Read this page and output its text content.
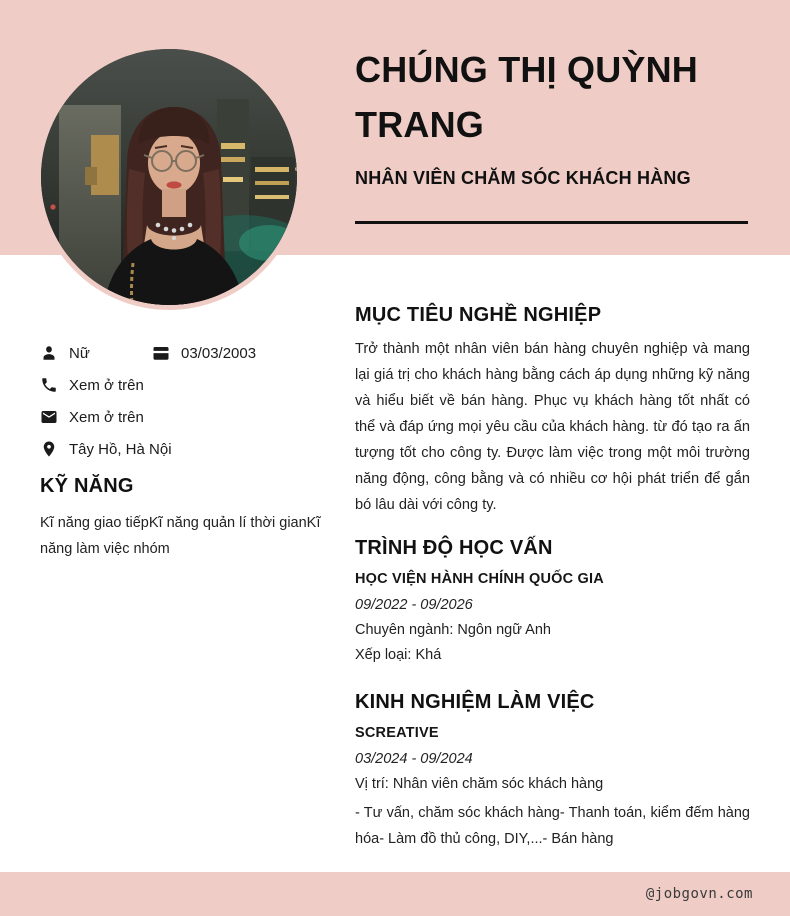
@jobgovn.com
CHÚNG THỊ QUỲNH TRANG
NHÂN VIÊN CHĂM SÓC KHÁCH HÀNG
Nữ	03/03/2003
Xem ở trên
Xem ở trên
Tây Hồ, Hà Nội
KỸ NĂNG
Kĩ năng giao tiếpKĩ năng quản lí thời gianKĩ năng làm việc nhóm
MỤC TIÊU NGHỀ NGHIỆP
Trở thành một nhân viên bán hàng chuyên nghiệp và mang lại giá trị cho khách hàng bằng cách áp dụng những kỹ năng và hiểu biết về bán hàng. Phục vụ khách hàng tốt nhất có thể và đáp ứng mọi yêu cầu của khách hàng. từ đó tạo ra ấn tượng tốt cho công ty. Được làm việc trong một môi trường năng động, công bằng và có nhiều cơ hội phát triển để gắn bó lâu dài với công ty.
TRÌNH ĐỘ HỌC VẤN
HỌC VIỆN HÀNH CHÍNH QUỐC GIA
09/2022 - 09/2026
Chuyên ngành: Ngôn ngữ Anh
Xếp loại: Khá
KINH NGHIỆM LÀM VIỆC
SCREATIVE
03/2024 - 09/2024
Vị trí: Nhân viên chăm sóc khách hàng
- Tư vấn, chăm sóc khách hàng- Thanh toán, kiểm đếm hàng hóa- Làm đồ thủ công, DIY,...- Bán hàng
